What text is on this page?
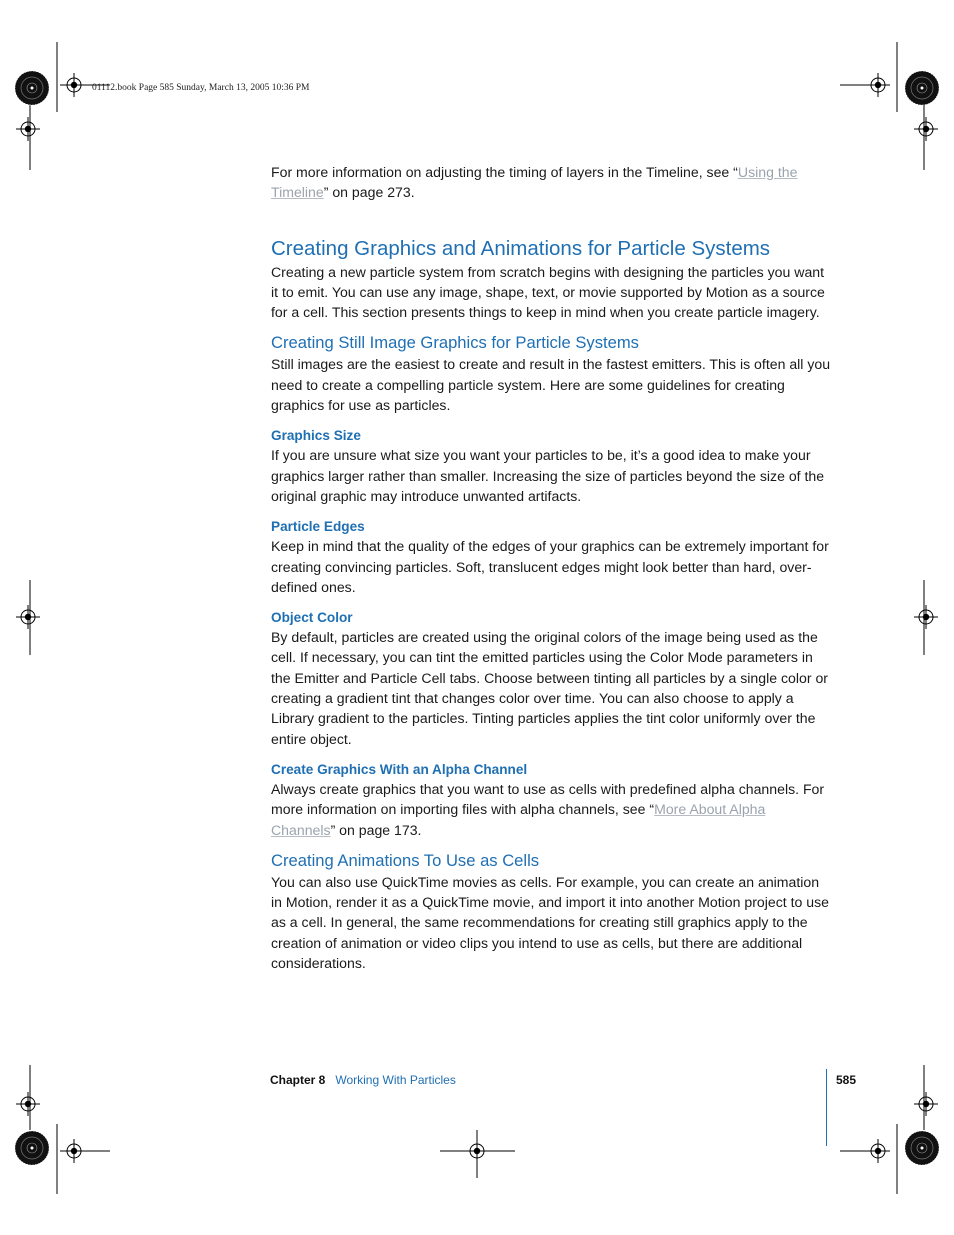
01112.book Page 585 Sunday, March 13, 2005 10:36 PM

For more information on adjusting the timing of layers in the Timeline, see “Using the Timeline” on page 273.

Creating Graphics and Animations for Particle Systems

Creating a new particle system from scratch begins with designing the particles you want it to emit. You can use any image, shape, text, or movie supported by Motion as a source for a cell. This section presents things to keep in mind when you create particle imagery.

Creating Still Image Graphics for Particle Systems

Still images are the easiest to create and result in the fastest emitters. This is often all you need to create a compelling particle system. Here are some guidelines for creating graphics for use as particles.

Graphics Size

If you are unsure what size you want your particles to be, it’s a good idea to make your graphics larger rather than smaller. Increasing the size of particles beyond the size of the original graphic may introduce unwanted artifacts.

Particle Edges

Keep in mind that the quality of the edges of your graphics can be extremely important for creating convincing particles. Soft, translucent edges might look better than hard, over-defined ones.

Object Color

By default, particles are created using the original colors of the image being used as the cell. If necessary, you can tint the emitted particles using the Color Mode parameters in the Emitter and Particle Cell tabs. Choose between tinting all particles by a single color or creating a gradient tint that changes color over time. You can also choose to apply a Library gradient to the particles. Tinting particles applies the tint color uniformly over the entire object.

Create Graphics With an Alpha Channel

Always create graphics that you want to use as cells with predefined alpha channels. For more information on importing files with alpha channels, see “More About Alpha Channels” on page 173.

Creating Animations To Use as Cells

You can also use QuickTime movies as cells. For example, you can create an animation in Motion, render it as a QuickTime movie, and import it into another Motion project to use as a cell. In general, the same recommendations for creating still graphics apply to the creation of animation or video clips you intend to use as cells, but there are additional considerations.

Chapter 8 Working With Particles	585
